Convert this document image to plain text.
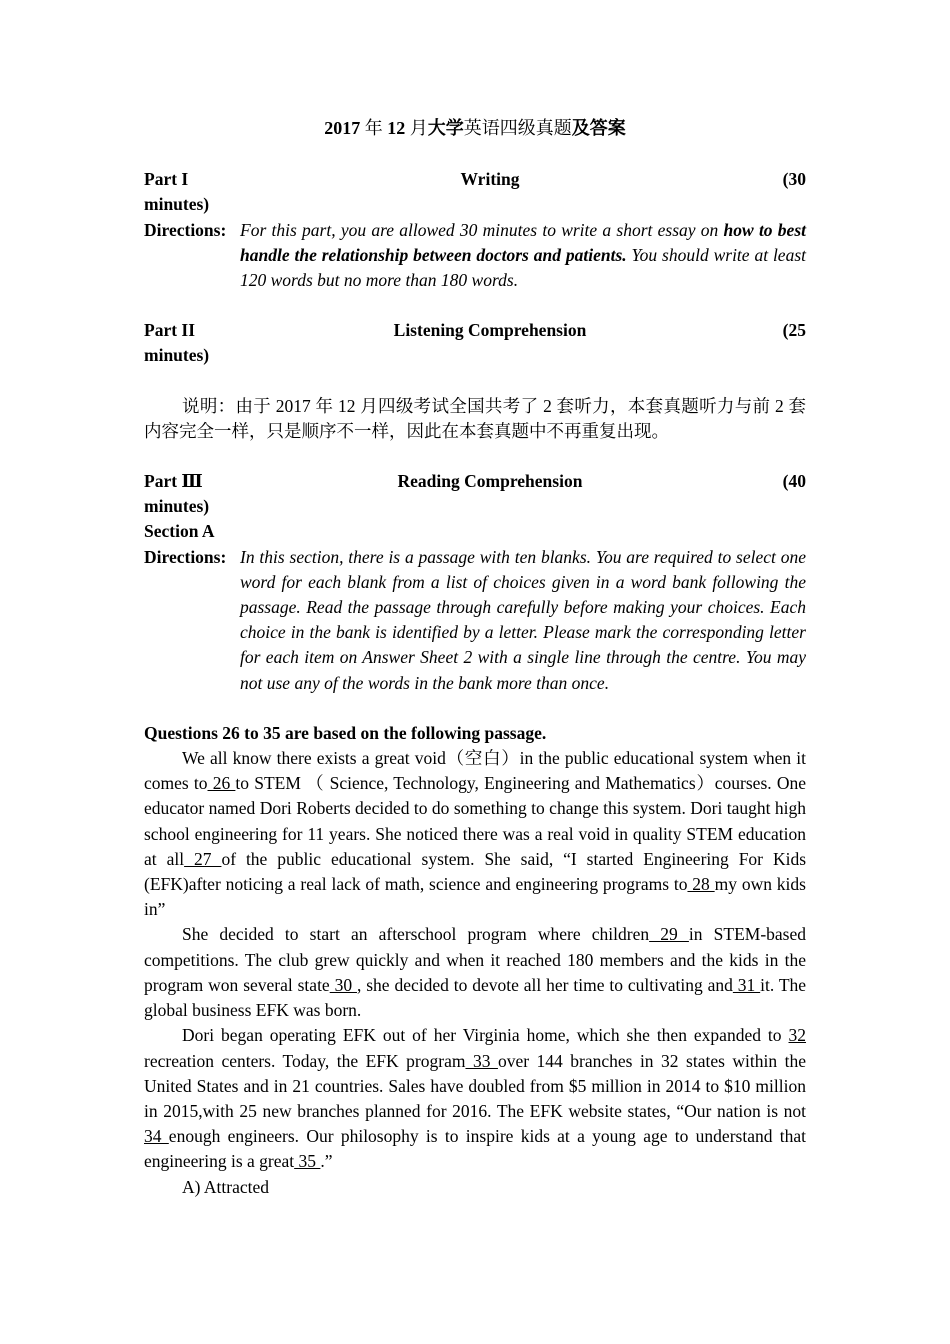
2017 年 12 月大学英语四级真题及答案
Part I	Writing	(30
minutes)
Directions: For this part, you are allowed 30 minutes to write a short essay on how to best handle the relationship between doctors and patients. You should write at least 120 words but no more than 180 words.
Part II	Listening Comprehension	(25
minutes)
说明：由于 2017 年 12 月四级考试全国共考了 2 套听力，本套真题听力与前 2 套内容完全一样，只是顺序不一样，因此在本套真题中不再重复出现。
Part Ⅲ	Reading Comprehension	(40
minutes)
Section A
Directions: In this section, there is a passage with ten blanks. You are required to select one word for each blank from a list of choices given in a word bank following the passage. Read the passage through carefully before making your choices. Each choice in the bank is identified by a letter. Please mark the corresponding letter for each item on Answer Sheet 2 with a single line through the centre. You may not use any of the words in the bank more than once.
Questions 26 to 35 are based on the following passage.
We all know there exists a great void（空白）in the public educational system when it comes to 26 to STEM （ Science, Technology, Engineering and Mathematics）courses. One educator named Dori Roberts decided to do something to change this system. Dori taught high school engineering for 11 years. She noticed there was a real void in quality STEM education at all 27 of the public educational system. She said, “I started Engineering For Kids (EFK)after noticing a real lack of math, science and engineering programs to 28 my own kids in”
She decided to start an afterschool program where children 29 in STEM-based competitions. The club grew quickly and when it reached 180 members and the kids in the program won several state 30 , she decided to devote all her time to cultivating and 31 it. The global business EFK was born.
Dori began operating EFK out of her Virginia home, which she then expanded to 32 recreation centers. Today, the EFK program 33 over 144 branches in 32 states within the United States and in 21 countries. Sales have doubled from $5 million in 2014 to $10 million in 2015,with 25 new branches planned for 2016. The EFK website states, “Our nation is not 34 enough engineers. Our philosophy is to inspire kids at a young age to understand that engineering is a great 35 .”
A) Attracted
